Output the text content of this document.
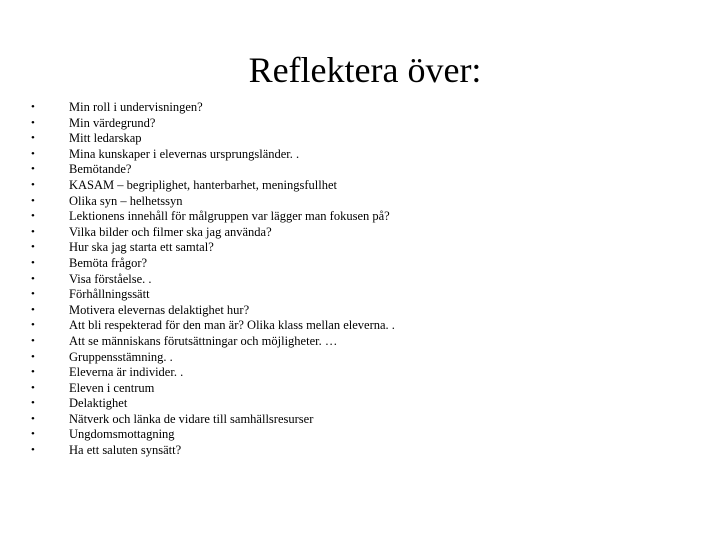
Reflektera över:
•	Min roll i undervisningen?
•	Min värdegrund?
•	Mitt ledarskap
•	Mina kunskaper i elevernas ursprungsländer. .
•	Bemötande?
•	KASAM – begriplighet, hanterbarhet, meningsfullhet
•	Olika syn – helhetssyn
•	Lektionens innehåll för målgruppen var lägger man fokusen på?
•	Vilka bilder och filmer ska jag använda?
•	Hur ska jag starta ett samtal?
•	Bemöta frågor?
•	Visa förståelse. .
•	Förhållningssätt
•	Motivera elevernas delaktighet hur?
•	Att bli respekterad för den man är? Olika klass mellan eleverna. .
•	Att se människans förutsättningar och möjligheter. …
•	Gruppensstämning. .
•	Eleverna är individer. .
•	Eleven i centrum
•	Delaktighet
•	Nätverk och länka de vidare till samhällsresurser
•	Ungdomsmottagning
•	Ha ett saluten synsätt?
